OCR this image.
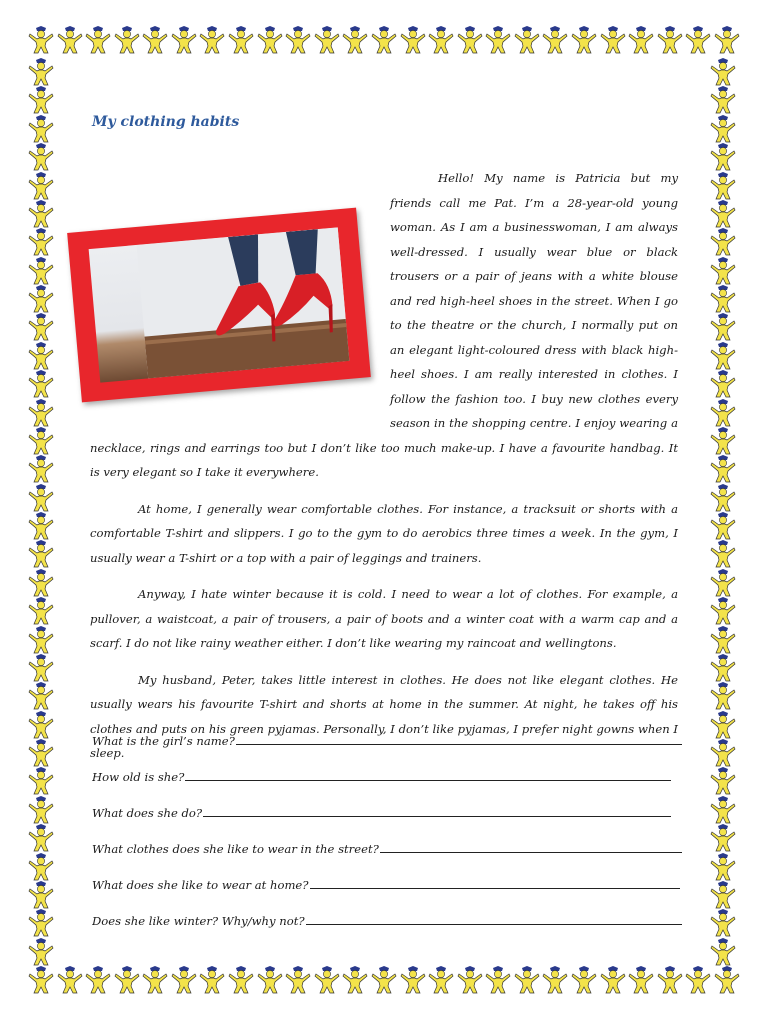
My clothing habits

Hello! My name is Patricia but my friends call me Pat. I’m a 28-year-old young woman. As I am a businesswoman, I am always well-dressed. I usually wear blue or black trousers or a pair of jeans with a white blouse and red high-heel shoes in the street. When I go to the theatre or the church, I normally put on an elegant light-coloured dress with black high-heel shoes. I am really interested in clothes. I follow the fashion too. I buy new clothes every season in the shopping centre. I enjoy wearing a necklace, rings and earrings too but I don’t like too much make-up. I have a favourite handbag. It is very elegant so I take it everywhere.

At home, I generally wear comfortable clothes. For instance, a tracksuit or shorts with a comfortable T-shirt and slippers. I go to the gym to do aerobics three times a week. In the gym, I usually wear a T-shirt or a top with a pair of leggings and trainers.

Anyway, I hate winter because it is cold. I need to wear a lot of clothes. For example, a pullover, a waistcoat, a pair of trousers, a pair of boots and a winter coat with a warm cap and a scarf. I do not like rainy weather either. I don’t like wearing my raincoat and wellingtons.

My husband, Peter, takes little interest in clothes. He does not like elegant clothes. He usually wears his favourite T-shirt and shorts at home in the summer. At night, he takes off his clothes and puts on his green pyjamas. Personally, I don’t like pyjamas, I prefer night gowns when I sleep.

What is the girl’s name?
How old is she?
What does she do?
What clothes does she like to wear in the street?
What does she like to wear at home?
Does she like winter? Why/why not?
